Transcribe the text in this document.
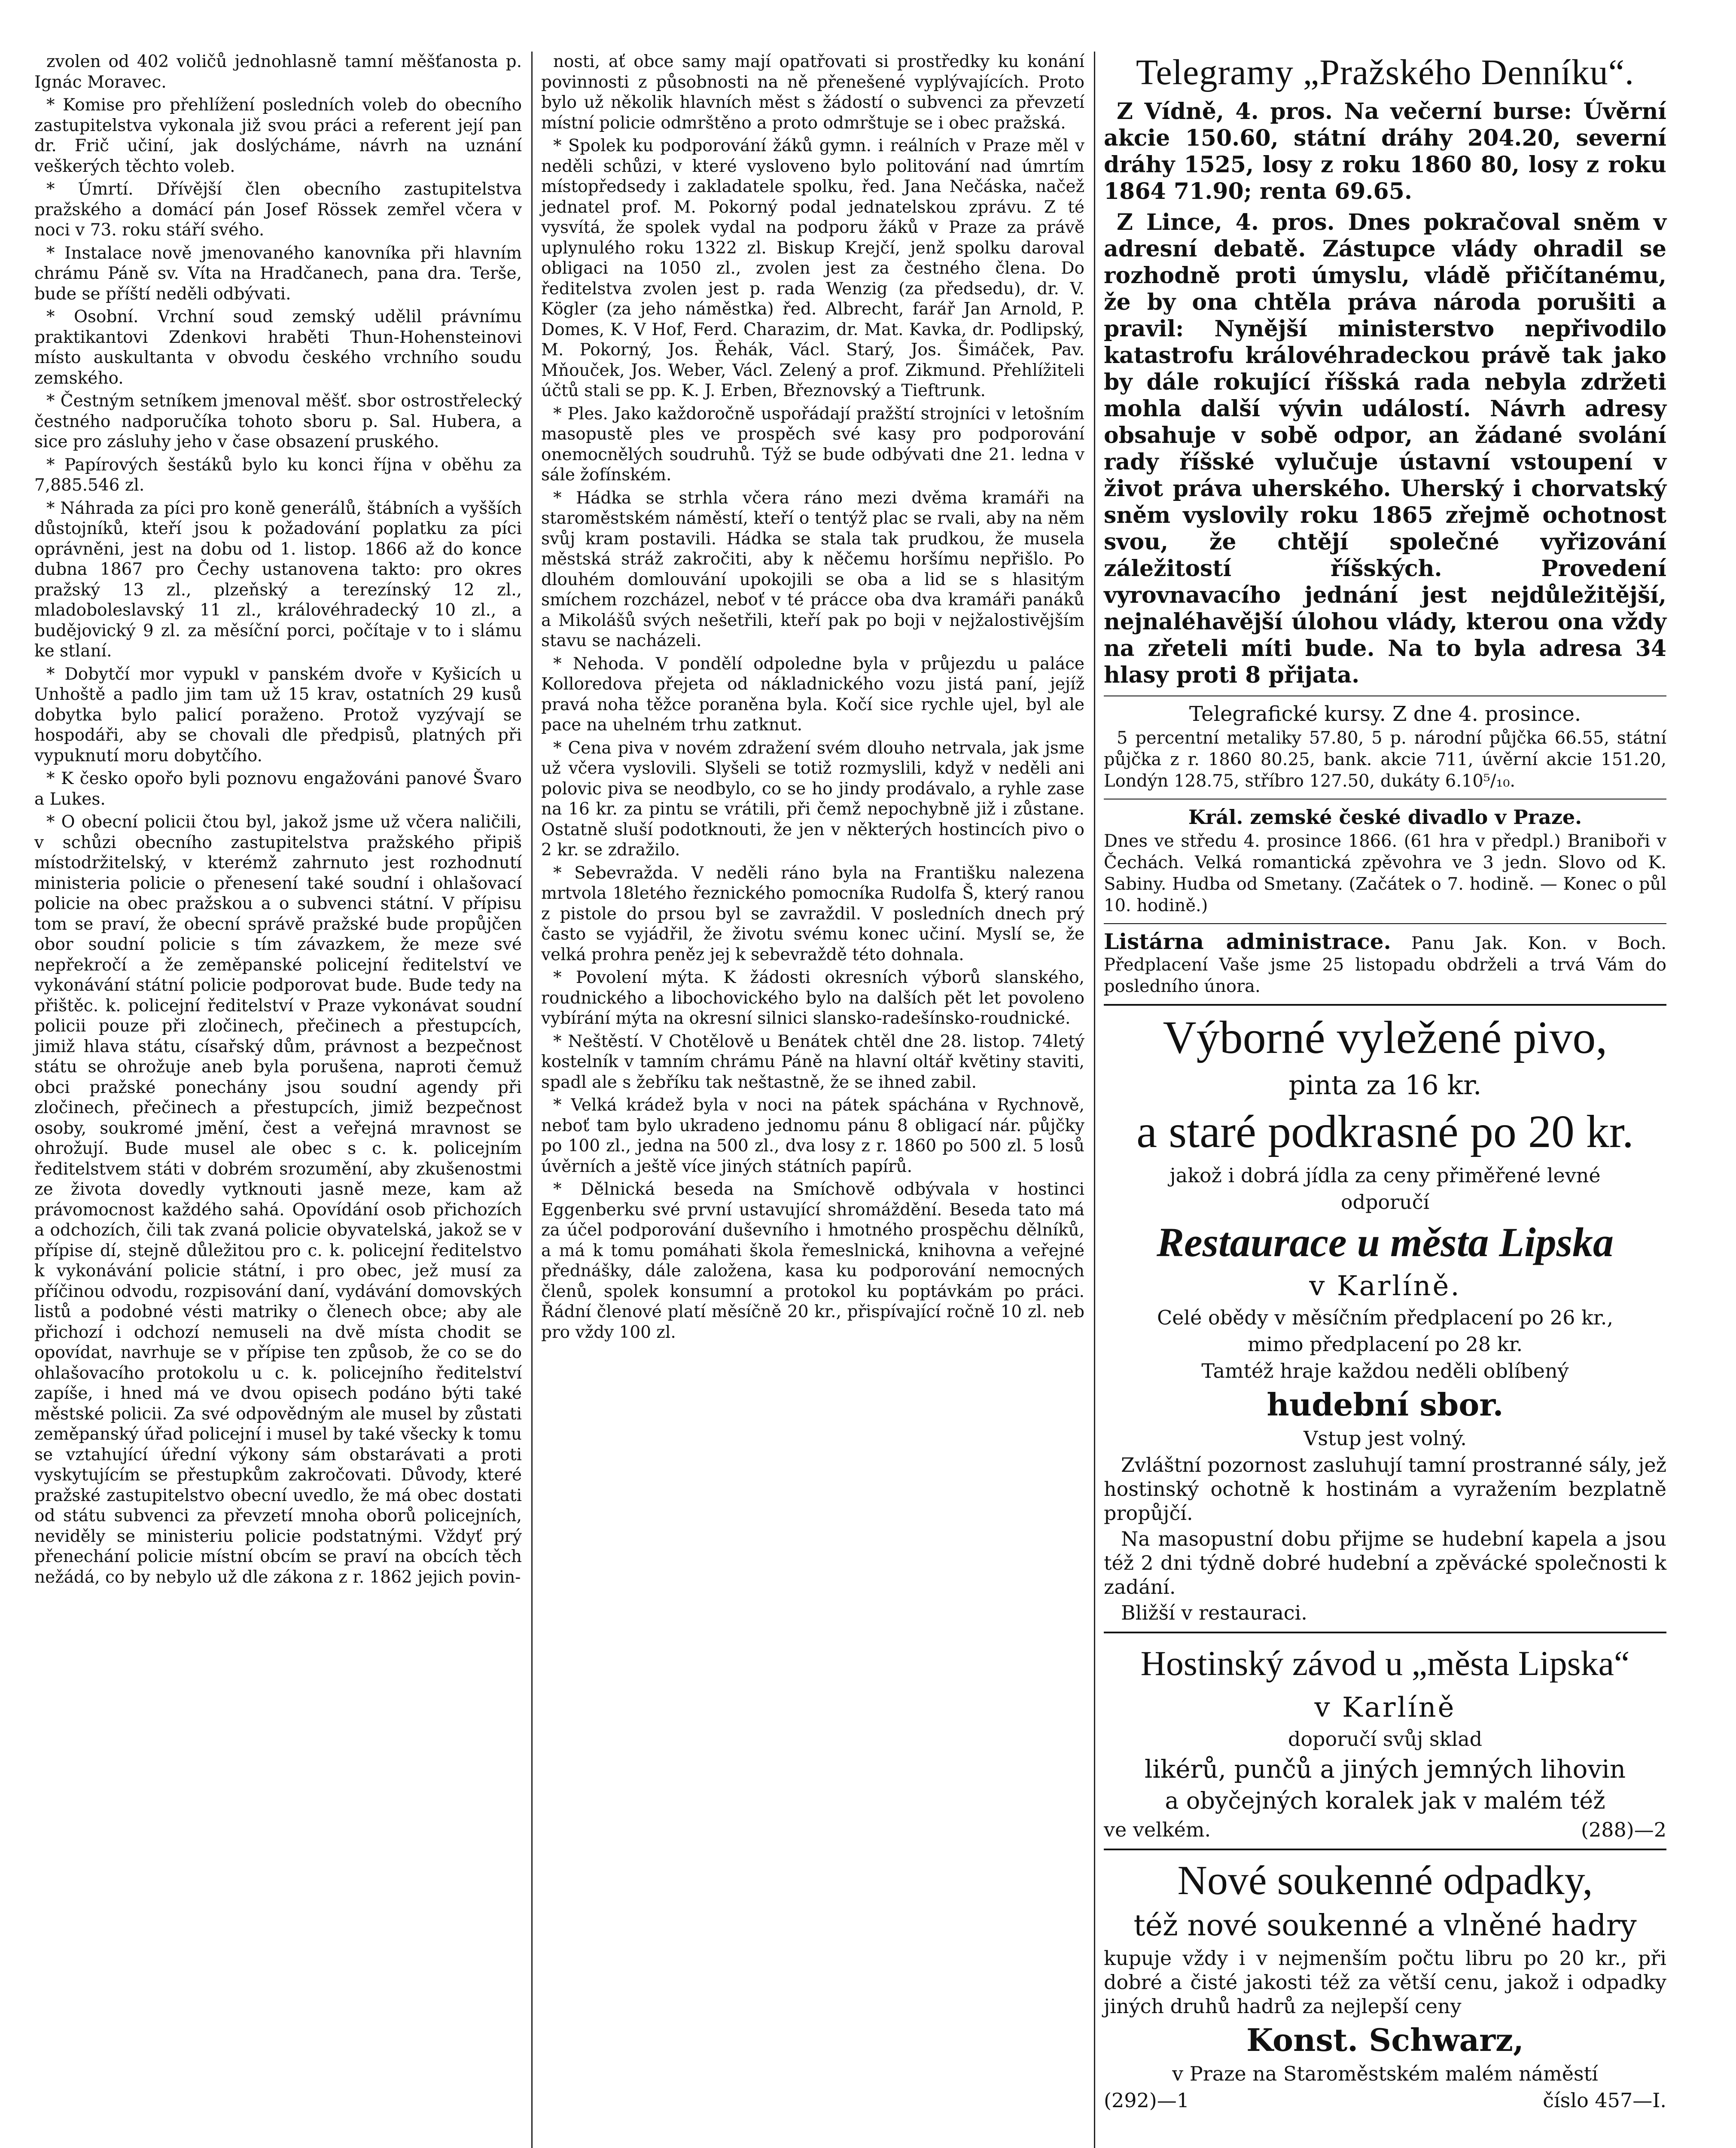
zvolen od 402 voličů jednohlasně tamní měšťanosta p. Ignác Moravec.

* Komise pro přehlížení posledních voleb do obecního zastupitelstva vykonala již svou práci a referent její pan dr. Frič učiní, jak doslýcháme, návrh na uznání veškerých těchto voleb.

* Úmrtí. Dřívější člen obecního zastupitelstva pražského a domácí pán Josef Rössek zemřel včera v noci v 73. roku stáří svého.

* Instalace nově jmenovaného kanovníka při hlavním chrámu Páně sv. Víta na Hradčanech, pana dra. Terše, bude se příští neděli odbývati.

* Osobní. Vrchní soud zemský udělil právnímu praktikantovi Zdenkovi hraběti Thun-Hohensteinovi místo auskultanta v obvodu českého vrchního soudu zemského.

* Čestným setníkem jmenoval měšť. sbor ostrostřelecký čestného nadporučíka tohoto sboru p. Sal. Hubera, a sice pro zásluhy jeho v čase obsazení pruského.

* Papírových šestáků bylo ku konci října v oběhu za 7,885.546 zl.

* Náhrada za píci pro koně generálů, štábních a vyšších důstojníků, kteří jsou k požadování poplatku za píci oprávněni, jest na dobu od 1. listop. 1866 až do konce dubna 1867 pro Čechy ustanovena takto: pro okres pražský 13 zl., plzeňský a terezínský 12 zl., mladoboleslavský 11 zl., královéhradecký 10 zl., a budějovický 9 zl. za měsíční porci, počítaje v to i slámu ke stlaní.

* Dobytčí mor vypukl v panském dvoře v Kyšicích u Unhoště a padlo jim tam už 15 krav, ostatních 29 kusů dobytka bylo palicí poraženo. Protož vyzývají se hospodáři, aby se chovali dle předpisů, platných při vypuknutí moru dobytčího.

* K česko opořo byli poznovu engažováni panové Švaro a Lukes.

* O obecní policii čtou byl, jakož jsme už včera naličili, v schůzi obecního zastupitelstva pražského připiš místodržitelský, v kterémž zahrnuto jest rozhodnutí ministeria policie o přenesení také soudní i ohlašovací policie na obec pražskou a o subvenci státní. V přípisu tom se praví, že obecní správě pražské bude propůjčen obor soudní policie s tím závazkem, že meze své nepřekročí a že zeměpanské policejní ředitelství ve vykonávání státní policie podporovat bude. Bude tedy na přištěc. k. policejní ředitelství v Praze vykonávat soudní policii pouze při zločinech, přečinech a přestupcích, jimiž hlava státu, císařský dům, právnost a bezpečnost státu se ohrožuje aneb byla porušena, naproti čemuž obci pražské ponechány jsou soudní agendy při zločinech, přečinech a přestupcích, jimiž bezpečnost osoby, soukromé jmění, čest a veřejná mravnost se ohrožují. Bude musel ale obec s c. k. policejním ředitelstvem státi v dobrém srozumění, aby zkušenostmi ze života dovedly vytknouti jasně meze, kam až právomocnost každého sahá. Opovídání osob přichozích a odchozích, čili tak zvaná policie obyvatelská, jakož se v přípise dí, stejně důležitou pro c. k. policejní ředitelstvo k vykonávání policie státní, i pro obec, jež musí za příčinou odvodu, rozpisování daní, vydávání domovských listů a podobné vésti matriky o členech obce; aby ale přichozí i odchozí nemuseli na dvě místa chodit se opovídat, navrhuje se v přípise ten způsob, že co se do ohlašovacího protokolu u c. k. policejního ředitelství zapíše, i hned má ve dvou opisech podáno býti také městské policii. Za své odpovědným ale musel by zůstati zeměpanský úřad policejní i musel by také všecky k tomu se vztahující úřední výkony sám obstarávati a proti vyskytujícím se přestupkům zakročovati. Důvody, které pražské zastupitelstvo obecní uvedlo, že má obec dostati od státu subvenci za převzetí mnoha oborů policejních, neviděly se ministeriu policie podstatnými. Vždyť prý přenechání policie místní obcím se praví na obcích těch nežádá, co by nebylo už dle zákona z r. 1862 jejich povin-

nosti, ať obce samy mají opatřovati si prostředky ku konání povinnosti z působnosti na ně přenešené vyplývajících. Proto bylo už několik hlavních měst s žádostí o subvenci za převzetí místní policie odmrštěno a proto odmrštuje se i obec pražská.

* Spolek ku podporování žáků gymn. i reálních v Praze měl v neděli schůzi, v které vysloveno bylo politování nad úmrtím místopředsedy i zakladatele spolku, řed. Jana Nečáska, načež jednatel prof. M. Pokorný podal jednatelskou zprávu. Z té vysvítá, že spolek vydal na podporu žáků v Praze za právě uplynulého roku 1322 zl. Biskup Krejčí, jenž spolku daroval obligaci na 1050 zl., zvolen jest za čestného člena. Do ředitelstva zvolen jest p. rada Wenzig (za předsedu), dr. V. Kögler (za jeho náměstka) řed. Albrecht, farář Jan Arnold, P. Domes, K. V Hof, Ferd. Charazim, dr. Mat. Kavka, dr. Podlipský, M. Pokorný, Jos. Řehák, Václ. Starý, Jos. Šimáček, Pav. Mňouček, Jos. Weber, Václ. Zelený a prof. Zikmund. Přehlížiteli účtů stali se pp. K. J. Erben, Březnovský a Tieftrunk.

* Ples. Jako každoročně uspořádají pražští strojníci v letošním masopustě ples ve prospěch své kasy pro podporování onemocnělých soudruhů. Týž se bude odbývati dne 21. ledna v sále žofínském.

* Hádka se strhla včera ráno mezi dvěma kramáři na staroměstském náměstí, kteří o tentýž plac se rvali, aby na něm svůj kram postavili. Hádka se stala tak prudkou, že musela městská stráž zakročiti, aby k něčemu horšímu nepřišlo. Po dlouhém domlouvání upokojili se oba a lid se s hlasitým smíchem rozcházel, neboť v té prácce oba dva kramáři panáků a Mikolášů svých nešetřili, kteří pak po boji v nejžalostivějším stavu se nacházeli.

* Nehoda. V pondělí odpoledne byla v průjezdu u paláce Kolloredova přejeta od nákladnického vozu jistá paní, jejíž pravá noha těžce poraněna byla. Kočí sice rychle ujel, byl ale pace na uhelném trhu zatknut.

* Cena piva v novém zdražení svém dlouho netrvala, jak jsme už včera vyslovili. Slyšeli se totiž rozmyslili, když v neděli ani polovic piva se neodbylo, co se ho jindy prodávalo, a ryhle zase na 16 kr. za pintu se vrátili, při čemž nepochybně již i zůstane. Ostatně sluší podotknouti, že jen v některých hostincích pivo o 2 kr. se zdražilo.

* Sebevražda. V neděli ráno byla na Františku nalezena mrtvola 18letého řeznického pomocníka Rudolfa Š, který ranou z pistole do prsou byl se zavraždil. V posledních dnech prý často se vyjádřil, že životu svému konec učiní. Myslí se, že velká prohra peněz jej k sebevraždě této dohnala.

* Povolení mýta. K žádosti okresních výborů slanského, roudnického a libochovického bylo na dalších pět let povoleno vybírání mýta na okresní silnici slansko-radešínsko-roudnické.

* Neštěstí. V Chotělově u Benátek chtěl dne 28. listop. 74letý kostelník v tamním chrámu Páně na hlavní oltář květiny staviti, spadl ale s žebříku tak neštastně, že se ihned zabil.

* Velká krádež byla v noci na pátek spáchána v Rychnově, neboť tam bylo ukradeno jednomu pánu 8 obligací nár. půjčky po 100 zl., jedna na 500 zl., dva losy z r. 1860 po 500 zl. 5 losů úvěrních a ještě více jiných státních papírů.

* Dělnická beseda na Smíchově odbývala v hostinci Eggenberku své první ustavující shromáždění. Beseda tato má za účel podporování duševního i hmotného prospěchu dělníků, a má k tomu pomáhati škola řemeslnická, knihovna a veřejné přednášky, dále založena, kasa ku podporování nemocných členů, spolek konsumní a protokol ku poptávkám po práci. Řádní členové platí měsíčně 20 kr., přispívající ročně 10 zl. neb pro vždy 100 zl.

Telegramy „Pražského Denníku“.

Z Vídně, 4. pros. Na večerní burse: Úvěrní akcie 150.60, státní dráhy 204.20, severní dráhy 1525, losy z roku 1860 80, losy z roku 1864 71.90; renta 69.65.

Z Lince, 4. pros. Dnes pokračoval sněm v adresní debatě. Zástupce vlády ohradil se rozhodně proti úmyslu, vládě přičítanému, že by ona chtěla práva národa porušiti a pravil: Nynější ministerstvo nepřivodilo katastrofu královéhradeckou právě tak jako by dále rokující říšská rada nebyla zdržeti mohla další vývin událostí. Návrh adresy obsahuje v sobě odpor, an žádané svolání rady říšské vylučuje ústavní vstoupení v život práva uherského. Uherský i chorvatský sněm vyslovily roku 1865 zřejmě ochotnost svou, že chtějí společné vyřizování záležitostí říšských. Provedení vyrovnavacího jednání jest nejdůležitější, nejnaléhavější úlohou vlády, kterou ona vždy na zřeteli míti bude. Na to byla adresa 34 hlasy proti 8 přijata.

Telegrafické kursy. Z dne 4. prosince.

5 percentní metaliky 57.80, 5 p. národní půjčka 66.55, státní půjčka z r. 1860 80.25, bank. akcie 711, úvěrní akcie 151.20, Londýn 128.75, stříbro 127.50, dukáty 6.10⁵/₁₀.

Král. zemské české divadlo v Praze.

Dnes ve středu 4. prosince 1866. (61 hra v předpl.) Braniboři v Čechách. Velká romantická zpěvohra ve 3 jedn. Slovo od K. Sabiny. Hudba od Smetany. (Začátek o 7. hodině. — Konec o půl 10. hodině.)

Listárna administrace. Panu Jak. Kon. v Boch. Předplacení Vaše jsme 25 listopadu obdrželi a trvá Vám do posledního února.

Výborné vyležené pivo,
pinta za 16 kr.
a staré podkrasné po 20 kr.
jakož i dobrá jídla za ceny přiměřené levné
odporučí
Restaurace u města Lipska
v Karlíně.
Celé obědy v měsíčním předplacení po 26 kr.,
mimo předplacení po 28 kr.
Tamtéž hraje každou neděli oblíbený
hudební sbor.
Vstup jest volný.

Zvláštní pozornost zasluhují tamní prostranné sály, jež hostinský ochotně k hostinám a vyražením bezplatně propůjčí.

Na masopustní dobu přijme se hudební kapela a jsou též 2 dni týdně dobré hudební a zpěvácké společnosti k zadání.

Bližší v restauraci.

Hostinský závod u „města Lipska“
v Karlíně
doporučí svůj sklad
likérů, punčů a jiných jemných lihovin
a obyčejných koralek jak v malém též
ve velkém.	(288)—2
Nové soukenné odpadky,
též nové soukenné a vlněné hadry

kupuje vždy i v nejmenším počtu libru po 20 kr., při dobré a čisté jakosti též za větší cenu, jakož i odpadky jiných druhů hadrů za nejlepší ceny

Konst. Schwarz,
v Praze na Staroměstském malém náměstí
(292)—1	číslo 457—I.
